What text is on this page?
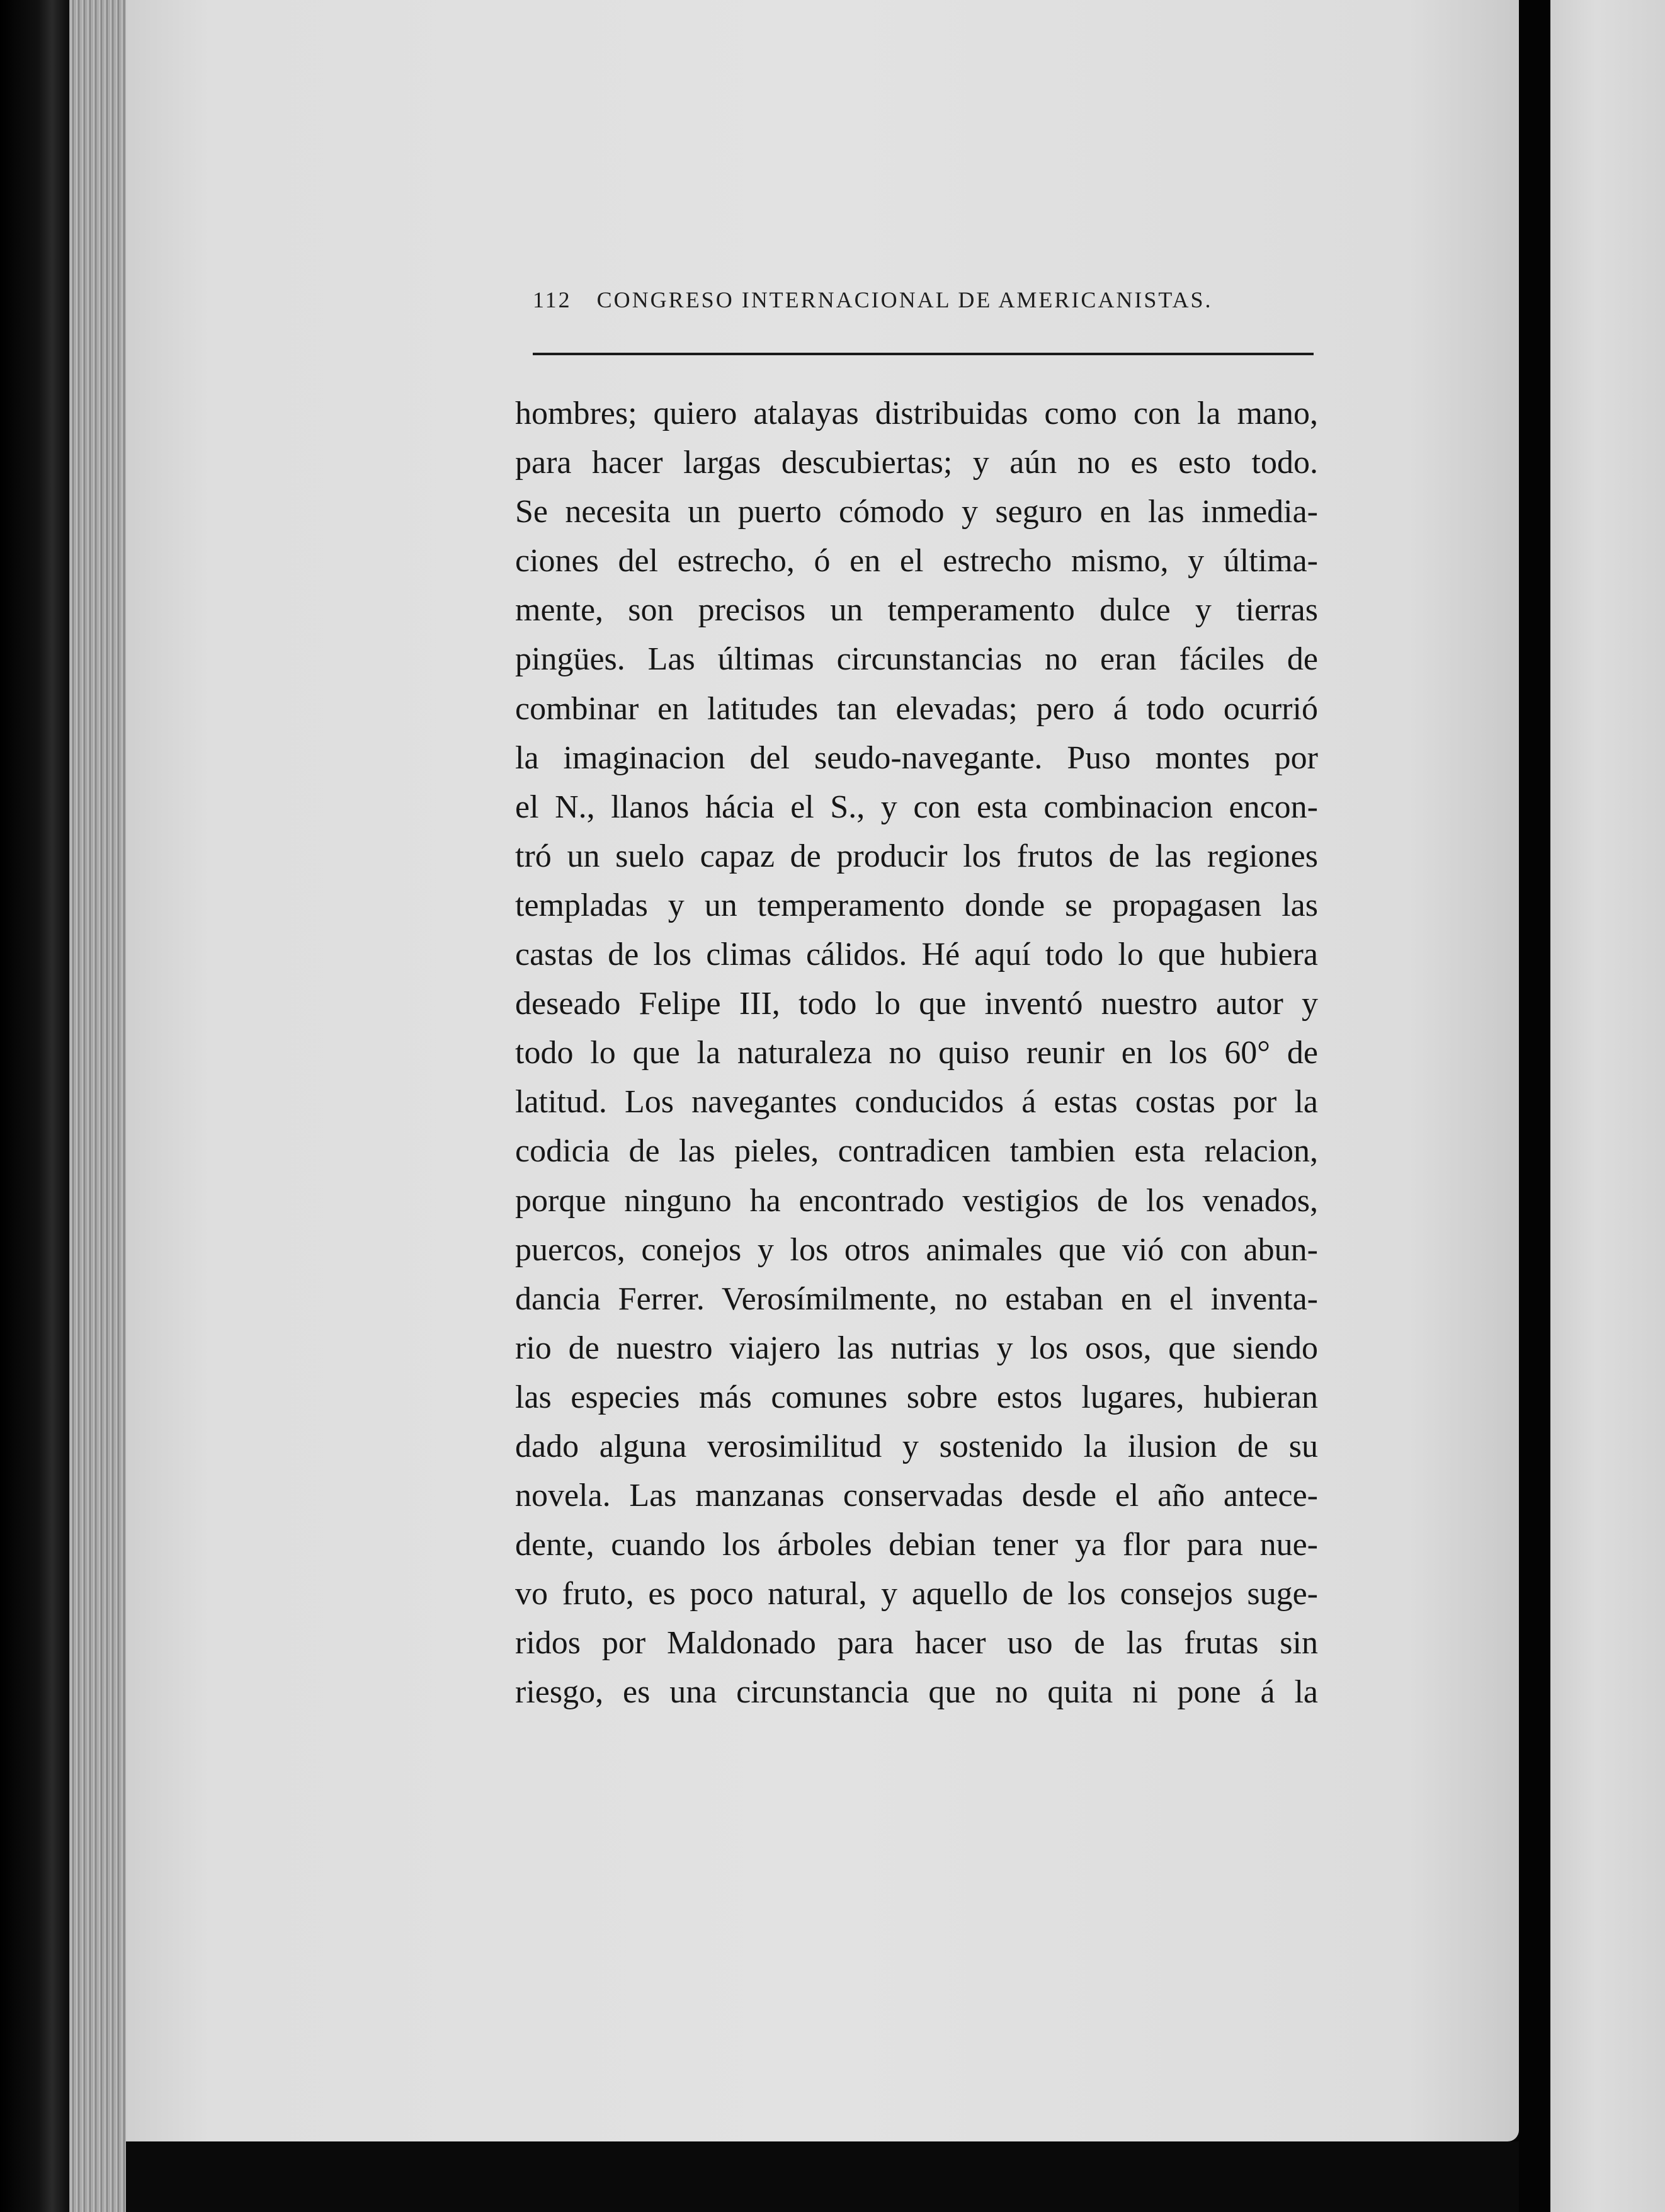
112 CONGRESO INTERNACIONAL DE AMERICANISTAS.
hombres; quiero atalayas distribuidas como con la mano,
para hacer largas descubiertas; y aún no es esto todo.
Se necesita un puerto cómodo y seguro en las inmedia-
ciones del estrecho, ó en el estrecho mismo, y última-
mente, son precisos un temperamento dulce y tierras
pingües. Las últimas circunstancias no eran fáciles de
combinar en latitudes tan elevadas; pero á todo ocurrió
la imaginacion del seudo-navegante. Puso montes por
el N., llanos hácia el S., y con esta combinacion encon-
tró un suelo capaz de producir los frutos de las regiones
templadas y un temperamento donde se propagasen las
castas de los climas cálidos. Hé aquí todo lo que hubiera
deseado Felipe III, todo lo que inventó nuestro autor y
todo lo que la naturaleza no quiso reunir en los 60° de
latitud. Los navegantes conducidos á estas costas por la
codicia de las pieles, contradicen tambien esta relacion,
porque ninguno ha encontrado vestigios de los venados,
puercos, conejos y los otros animales que vió con abun-
dancia Ferrer. Verosímilmente, no estaban en el inventa-
rio de nuestro viajero las nutrias y los osos, que siendo
las especies más comunes sobre estos lugares, hubieran
dado alguna verosimilitud y sostenido la ilusion de su
novela. Las manzanas conservadas desde el año antece-
dente, cuando los árboles debian tener ya flor para nue-
vo fruto, es poco natural, y aquello de los consejos suge-
ridos por Maldonado para hacer uso de las frutas sin
riesgo, es una circunstancia que no quita ni pone á la
